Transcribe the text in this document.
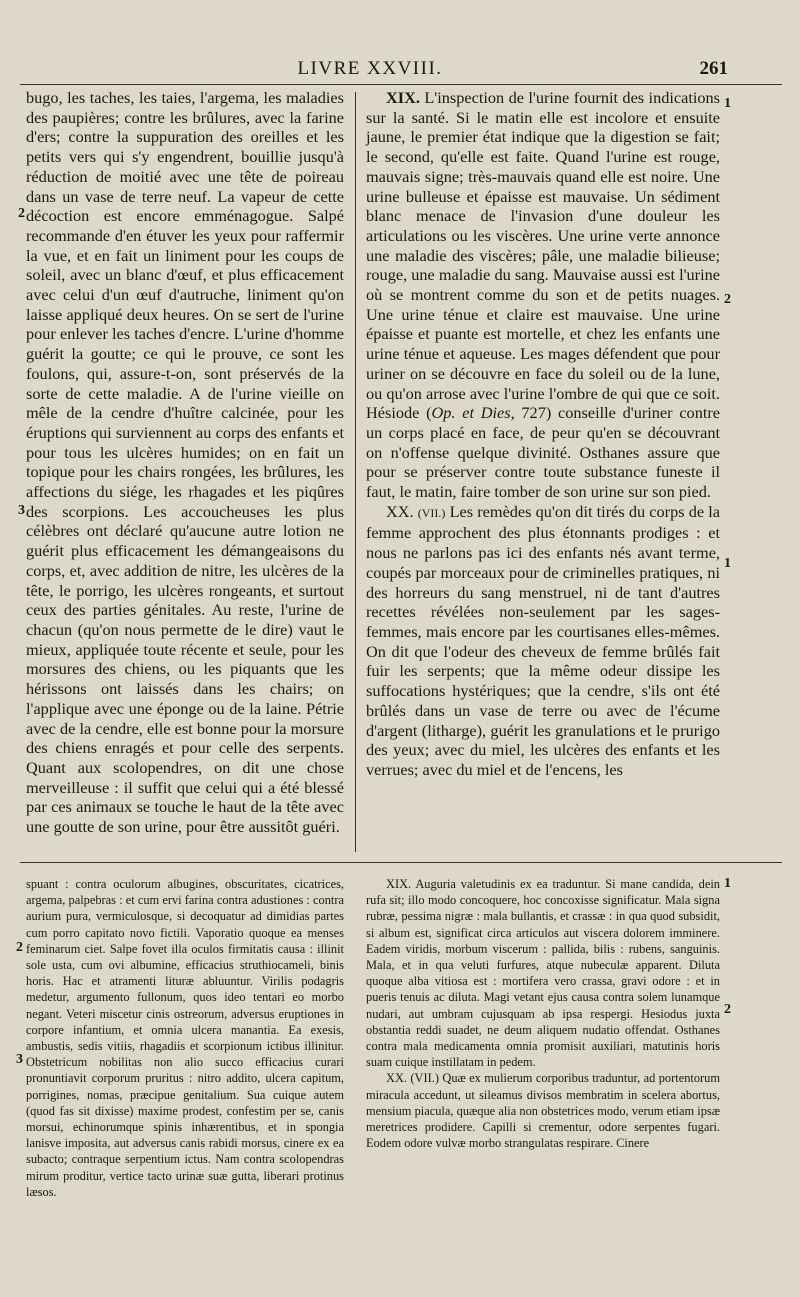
LIVRE XXVIII.	261

bugo, les taches, les taies, l'argema, les maladies des paupières; contre les brûlures, avec la farine d'ers; contre la suppuration des oreilles et les petits vers qui s'y engendrent, bouillie jusqu'à réduction de moitié avec une tête de poireau dans un vase de terre neuf. La vapeur de cette décoction est encore emménagogue. Salpé recommande d'en étuver les yeux pour raffermir la vue, et en fait un liniment pour les coups de soleil, avec un blanc d'œuf, et plus efficacement avec celui d'un œuf d'autruche, liniment qu'on laisse appliqué deux heures. On se sert de l'urine pour enlever les taches d'encre. L'urine d'homme guérit la goutte; ce qui le prouve, ce sont les foulons, qui, assure-t-on, sont préservés de la sorte de cette maladie. A de l'urine vieille on mêle de la cendre d'huître calcinée, pour les éruptions qui surviennent au corps des enfants et pour tous les ulcères humides; on en fait un topique pour les chairs rongées, les brûlures, les affections du siége, les rhagades et les piqûres des scorpions. Les accoucheuses les plus célèbres ont déclaré qu'aucune autre lotion ne guérit plus efficacement les démangeaisons du corps, et, avec addition de nitre, les ulcères de la tête, le porrigo, les ulcères rongeants, et surtout ceux des parties génitales. Au reste, l'urine de chacun (qu'on nous permette de le dire) vaut le mieux, appliquée toute récente et seule, pour les morsures des chiens, ou les piquants que les hérissons ont laissés dans les chairs; on l'applique avec une éponge ou de la laine. Pétrie avec de la cendre, elle est bonne pour la morsure des chiens enragés et pour celle des serpents. Quant aux scolopendres, on dit une chose merveilleuse : il suffit que celui qui a été blessé par ces animaux se touche le haut de la tête avec une goutte de son urine, pour être aussitôt guéri.

XIX. L'inspection de l'urine fournit des indications sur la santé. Si le matin elle est incolore et ensuite jaune, le premier état indique que la digestion se fait; le second, qu'elle est faite. Quand l'urine est rouge, mauvais signe; très-mauvais quand elle est noire. Une urine bulleuse et épaisse est mauvaise. Un sédiment blanc menace de l'invasion d'une douleur les articulations ou les viscères. Une urine verte annonce une maladie des viscères; pâle, une maladie bilieuse; rouge, une maladie du sang. Mauvaise aussi est l'urine où se montrent comme du son et de petits nuages. Une urine ténue et claire est mauvaise. Une urine épaisse et puante est mortelle, et chez les enfants une urine ténue et aqueuse. Les mages défendent que pour uriner on se découvre en face du soleil ou de la lune, ou qu'on arrose avec l'urine l'ombre de qui que ce soit. Hésiode (Op. et Dies, 727) conseille d'uriner contre un corps placé en face, de peur qu'en se découvrant on n'offense quelque divinité. Osthanes assure que pour se préserver contre toute substance funeste il faut, le matin, faire tomber de son urine sur son pied.

XX. (VII.) Les remèdes qu'on dit tirés du corps de la femme approchent des plus étonnants prodiges : et nous ne parlons pas ici des enfants nés avant terme, coupés par morceaux pour de criminelles pratiques, ni des horreurs du sang menstruel, ni de tant d'autres recettes révélées non-seulement par les sages-femmes, mais encore par les courtisanes elles-mêmes. On dit que l'odeur des cheveux de femme brûlés fait fuir les serpents; que la même odeur dissipe les suffocations hystériques; que la cendre, s'ils ont été brûlés dans un vase de terre ou avec de l'écume d'argent (litharge), guérit les granulations et le prurigo des yeux; avec du miel, les ulcères des enfants et les verrues; avec du miel et de l'encens, les

spuant : contra oculorum albugines, obscuritates, cicatrices, argema, palpebras : et cum ervi farina contra adustiones : contra aurium pura, vermiculosque, si decoquatur ad dimidias partes cum porro capitato novo fictili. Vaporatio quoque ea menses feminarum ciet. Salpe fovet illa oculos firmitatis causa : illinit sole usta, cum ovi albumine, efficacius struthiocameli, binis horis. Hac et atramenti lituræ abluuntur. Virilis podagris medetur, argumento fullonum, quos ideo tentari eo morbo negant. Veteri miscetur cinis ostreorum, adversus eruptiones in corpore infantium, et omnia ulcera manantia. Ea exesis, ambustis, sedis vitiis, rhagadiis et scorpionum ictibus illinitur. Obstetricum nobilitas non alio succo efficacius curari pronuntiavit corporum pruritus : nitro addito, ulcera capitum, porrigines, nomas, præcipue genitalium. Sua cuique autem (quod fas sit dixisse) maxime prodest, confestim per se, canis morsui, echinorumque spinis inhærentibus, et in spongia lanisve imposita, aut adversus canis rabidi morsus, cinere ex ea subacto; contraque serpentium ictus. Nam contra scolopendras mirum proditur, vertice tacto urinæ suæ gutta, liberari protinus læsos.

XIX. Auguria valetudinis ex ea traduntur. Si mane candida, dein rufa sit; illo modo concoquere, hoc concoxisse significatur. Mala signa rubræ, pessima nigræ : mala bullantis, et crassæ : in qua quod subsidit, si album est, significat circa articulos aut viscera dolorem imminere. Eadem viridis, morbum viscerum : pallida, bilis : rubens, sanguinis. Mala, et in qua veluti furfures, atque nubeculæ apparent. Diluta quoque alba vitiosa est : mortifera vero crassa, gravi odore : et in pueris tenuis ac diluta. Magi vetant ejus causa contra solem lunamque nudari, aut umbram cujusquam ab ipsa respergi. Hesiodus juxta obstantia reddi suadet, ne deum aliquem nudatio offendat. Osthanes contra mala medicamenta omnia promisit auxiliari, matutinis horis suam cuique instillatam in pedem.

XX. (VII.) Quæ ex mulierum corporibus traduntur, ad portentorum miracula accedunt, ut sileamus divisos membratim in scelera abortus, mensium piacula, quæque alia non obstetrices modo, verum etiam ipsæ meretrices prodidere. Capilli si crementur, odore serpentes fugari. Eodem odore vulvæ morbo strangulatas respirare. Cinere

2
3
1
2
1
1
2
2
3
